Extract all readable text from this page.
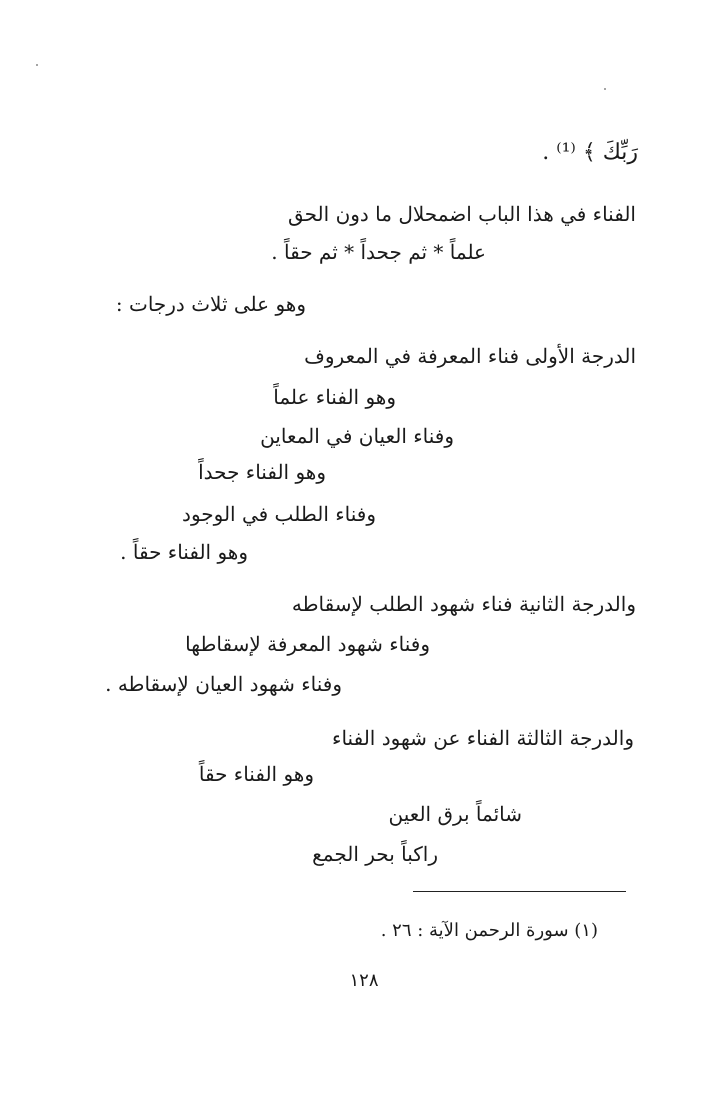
رَبِّكَ ﴾ ⁽¹⁾ .

الفناء في هذا الباب اضمحلال ما دون الحق

علماً * ثم جحداً * ثم حقاً .

وهو على ثلاث درجات :

الدرجة الأولى فناء المعرفة في المعروف

وهو الفناء علماً

وفناء العيان في المعاين

وهو الفناء جحداً

وفناء الطلب في الوجود

وهو الفناء حقاً .

والدرجة الثانية فناء شهود الطلب لإسقاطه

وفناء شهود المعرفة لإسقاطها

وفناء شهود العيان لإسقاطه .

والدرجة الثالثة الفناء عن شهود الفناء

وهو الفناء حقاً

شائماً برق العين

راكباً بحر الجمع

(١) سورة الرحمن الآية : ٢٦ .

١٢٨
